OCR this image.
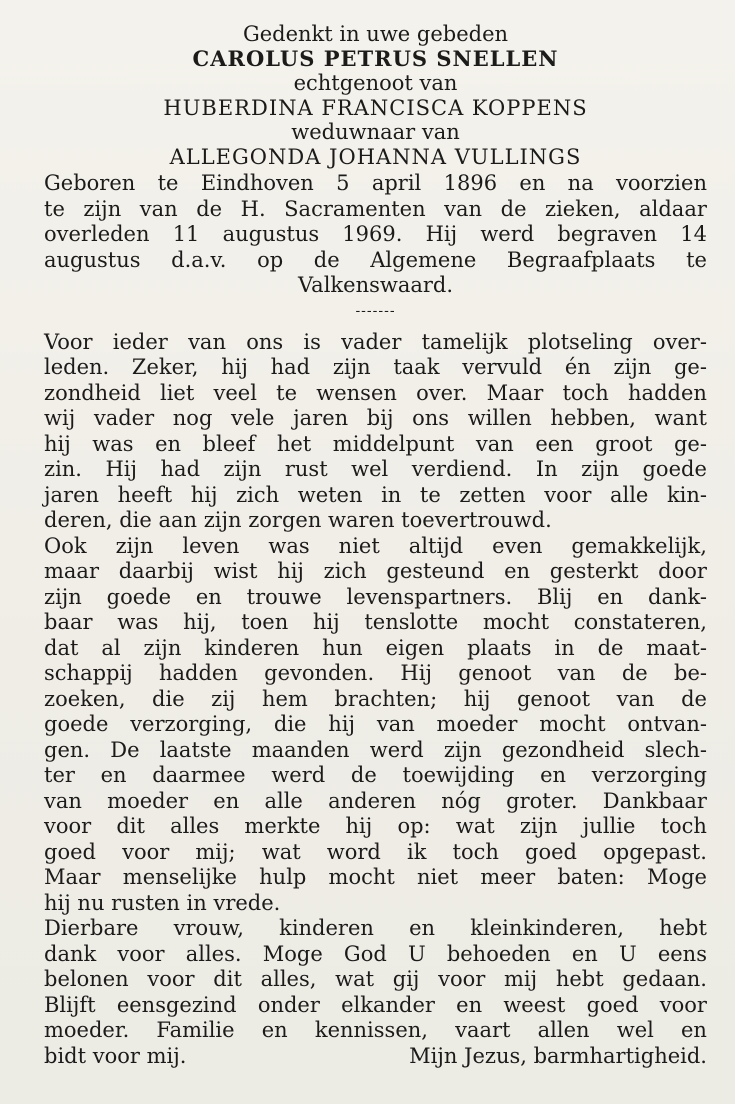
Gedenkt in uwe gebeden
CAROLUS PETRUS SNELLEN
echtgenoot van
HUBERDINA FRANCISCA KOPPENS
weduwnaar van
ALLEGONDA JOHANNA VULLINGS
Geboren te Eindhoven 5 april 1896 en na voorzien
te zijn van de H. Sacramenten van de zieken, aldaar
overleden 11 augustus 1969. Hij werd begraven 14
augustus d.a.v. op de Algemene Begraafplaats te
Valkenswaard.
-------
Voor ieder van ons is vader tamelijk plotseling over-
leden. Zeker, hij had zijn taak vervuld én zijn ge-
zondheid liet veel te wensen over. Maar toch hadden
wij vader nog vele jaren bij ons willen hebben, want
hij was en bleef het middelpunt van een groot ge-
zin. Hij had zijn rust wel verdiend. In zijn goede
jaren heeft hij zich weten in te zetten voor alle kin-
deren, die aan zijn zorgen waren toevertrouwd.
Ook zijn leven was niet altijd even gemakkelijk,
maar daarbij wist hij zich gesteund en gesterkt door
zijn goede en trouwe levenspartners. Blij en dank-
baar was hij, toen hij tenslotte mocht constateren,
dat al zijn kinderen hun eigen plaats in de maat-
schappij hadden gevonden. Hij genoot van de be-
zoeken, die zij hem brachten; hij genoot van de
goede verzorging, die hij van moeder mocht ontvan-
gen. De laatste maanden werd zijn gezondheid slech-
ter en daarmee werd de toewijding en verzorging
van moeder en alle anderen nóg groter. Dankbaar
voor dit alles merkte hij op: wat zijn jullie toch
goed voor mij; wat word ik toch goed opgepast.
Maar menselijke hulp mocht niet meer baten: Moge
hij nu rusten in vrede.
Dierbare vrouw, kinderen en kleinkinderen, hebt
dank voor alles. Moge God U behoeden en U eens
belonen voor dit alles, wat gij voor mij hebt gedaan.
Blijft eensgezind onder elkander en weest goed voor
moeder. Familie en kennissen, vaart allen wel en
bidt voor mij.	Mijn Jezus, barmhartigheid.
